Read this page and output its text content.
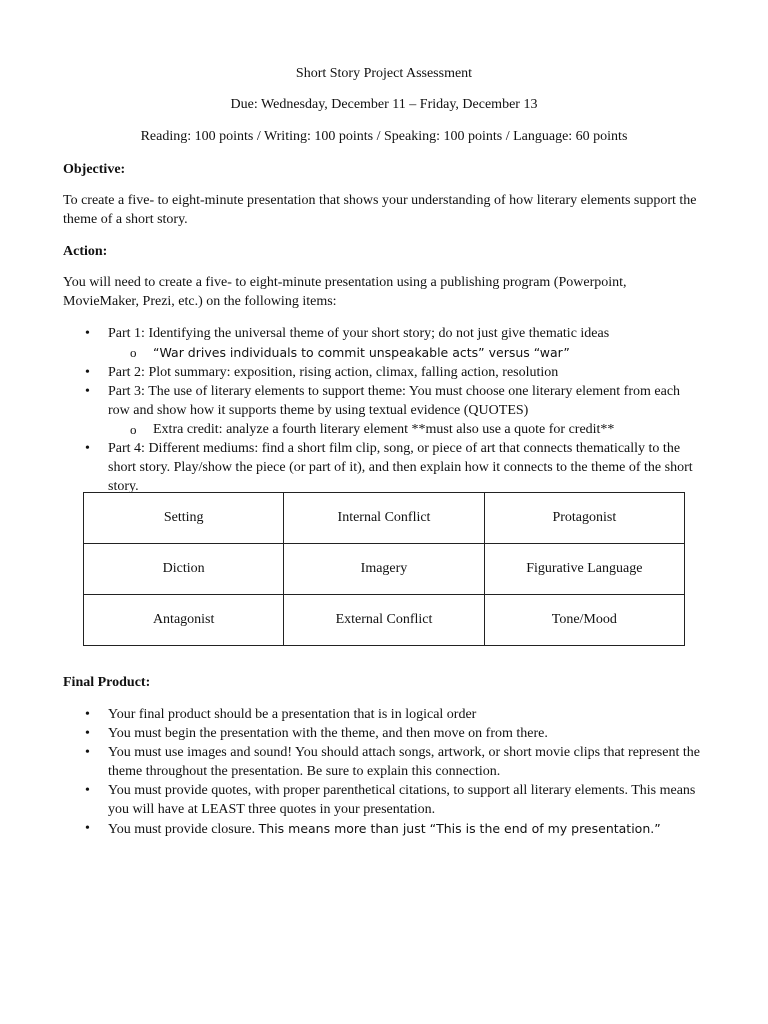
Short Story Project Assessment
Due: Wednesday, December 11 – Friday, December 13
Reading: 100 points / Writing: 100 points / Speaking: 100 points / Language: 60 points
Objective:
To create a five- to eight-minute presentation that shows your understanding of how literary elements support the theme of a short story.
Action:
You will need to create a five- to eight-minute presentation using a publishing program (Powerpoint, MovieMaker, Prezi, etc.) on the following items:
• Part 1: Identifying the universal theme of your short story; do not just give thematic ideas
o “War drives individuals to commit unspeakable acts” versus “war”
• Part 2: Plot summary: exposition, rising action, climax, falling action, resolution
• Part 3: The use of literary elements to support theme: You must choose one literary element from each row and show how it supports theme by using textual evidence (QUOTES)
o Extra credit: analyze a fourth literary element **must also use a quote for credit**
• Part 4: Different mediums: find a short film clip, song, or piece of art that connects thematically to the short story. Play/show the piece (or part of it), and then explain how it connects to the theme of the short story.
Setting	Internal Conflict	Protagonist
Diction	Imagery	Figurative Language
Antagonist	External Conflict	Tone/Mood
Final Product:
• Your final product should be a presentation that is in logical order
• You must begin the presentation with the theme, and then move on from there.
• You must use images and sound! You should attach songs, artwork, or short movie clips that represent the theme throughout the presentation. Be sure to explain this connection.
• You must provide quotes, with proper parenthetical citations, to support all literary elements. This means you will have at LEAST three quotes in your presentation.
• You must provide closure. This means more than just “This is the end of my presentation.”
